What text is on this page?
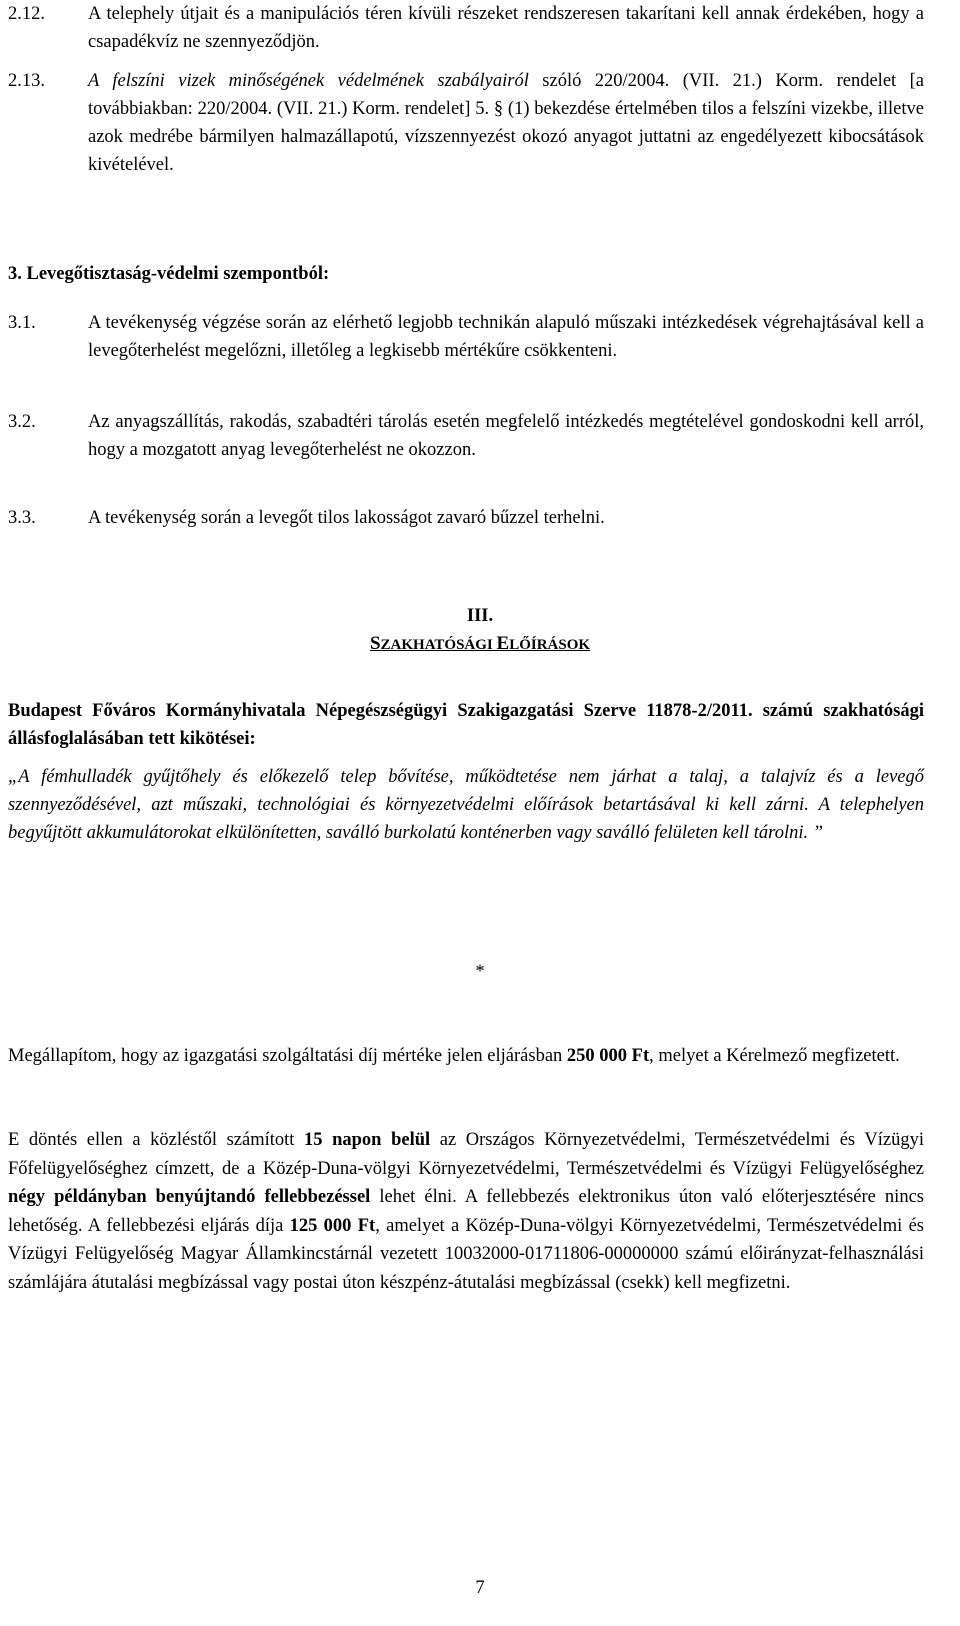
2.12. A telephely útjait és a manipulációs téren kívüli részeket rendszeresen takarítani kell annak érdekében, hogy a csapadékvíz ne szennyeződjön.
2.13. A felszíni vizek minőségének védelmének szabályairól szóló 220/2004. (VII. 21.) Korm. rendelet [a továbbiakban: 220/2004. (VII. 21.) Korm. rendelet] 5. § (1) bekezdése értelmében tilos a felszíni vizekbe, illetve azok medrébe bármilyen halmazállapotú, vízszennyezést okozó anyagot juttatni az engedélyezett kibocsátások kivételével.
3. Levegőtisztaság-védelmi szempontból:
3.1.	A tevékenység végzése során az elérhető legjobb technikán alapuló műszaki intézkedések végrehajtásával kell a levegőterhelést megelőzni, illetőleg a legkisebb mértékűre csökkenteni.
3.2.	Az anyagszállítás, rakodás, szabadtéri tárolás esetén megfelelő intézkedés megtételével gondoskodni kell arról, hogy a mozgatott anyag levegőterhelést ne okozzon.
3.3.	A tevékenység során a levegőt tilos lakosságot zavaró bűzzel terhelni.
III.
SZAKHATÓSÁGI ELŐÍRÁSOK
Budapest Főváros Kormányhivatala Népegészségügyi Szakigazgatási Szerve 11878-2/2011. számú szakhatósági állásfoglalásában tett kikötései:
„A fémhulladék gyűjtőhely és előkezelő telep bővítése, működtetése nem járhat a talaj, a talajvíz és a levegő szennyeződésével, azt műszaki, technológiai és környezetvédelmi előírások betartásával ki kell zárni. A telephelyen begyűjtött akkumulátorokat elkülönítetten, saválló burkolatú konténerben vagy saválló felületen kell tárolni. ”
*
Megállapítom, hogy az igazgatási szolgáltatási díj mértéke jelen eljárásban 250 000 Ft, melyet a Kérelmező megfizetett.
E döntés ellen a közléstől számított 15 napon belül az Országos Környezetvédelmi, Természetvédelmi és Vízügyi Főfelügyelőséghez címzett, de a Közép-Duna-völgyi Környezetvédelmi, Természetvédelmi és Vízügyi Felügyelőséghez négy példányban benyújtandó fellebbezéssel lehet élni. A fellebbezés elektronikus úton való előterjesztésére nincs lehetőség. A fellebbezési eljárás díja 125 000 Ft, amelyet a Közép-Duna-völgyi Környezetvédelmi, Természetvédelmi és Vízügyi Felügyelőség Magyar Államkincstárnál vezetett 10032000-01711806-00000000 számú előirányzat-felhasználási számlájára átutalási megbízással vagy postai úton készpénz-átutalási megbízással (csekk) kell megfizetni.
7
